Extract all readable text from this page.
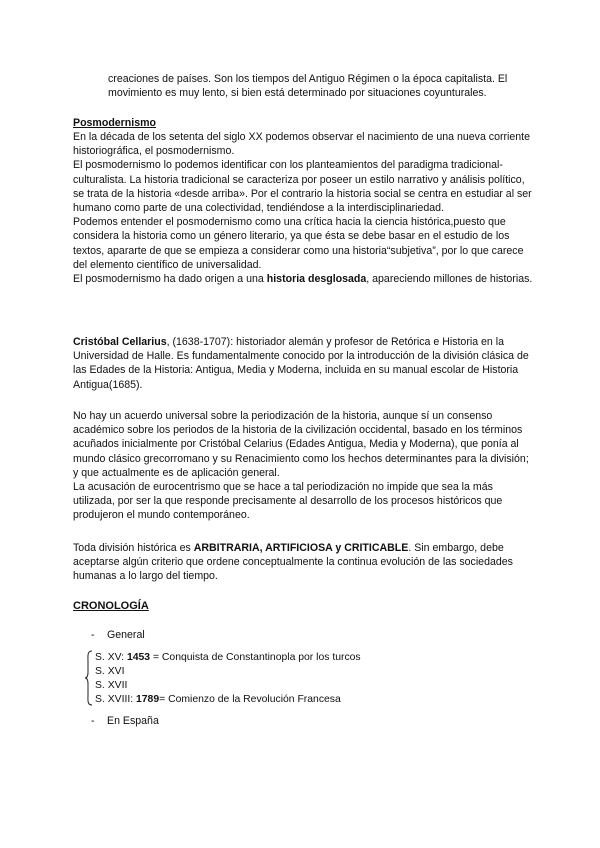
creaciones de países. Son los tiempos del Antiguo Régimen o la época capitalista. El movimiento es muy lento, si bien está determinado por situaciones coyunturales.

Posmodernismo

En la década de los setenta del siglo XX podemos observar el nacimiento de una nueva corriente historiográfica, el posmodernismo.

El posmodernismo lo podemos identificar con los planteamientos del paradigma tradicional-culturalista. La historia tradicional se caracteriza por poseer un estilo narrativo y análisis político, se trata de la historia «desde arriba». Por el contrario la historia social se centra en estudiar al ser humano como parte de una colectividad, tendiéndose a la interdisciplinariedad.

Podemos entender el posmodernismo como una crítica hacia la ciencia histórica,puesto que considera la historia como un género literario, ya que ésta se debe basar en el estudio de los textos, apararte de que se empieza a considerar como una historia“subjetiva”, por lo que carece del elemento científico de universalidad.

El posmodernismo ha dado origen a una historia desglosada, apareciendo millones de historias.

Cristóbal Cellarius, (1638-1707): historiador alemán y profesor de Retórica e Historia en la Universidad de Halle. Es fundamentalmente conocido por la introducción de la división clásica de las Edades de la Historia: Antigua, Media y Moderna, incluida en su manual escolar de Historia Antigua(1685).

No hay un acuerdo universal sobre la periodización de la historia, aunque sí un consenso académico sobre los periodos de la historia de la civilización occidental, basado en los términos acuñados inicialmente por Cristóbal Celarius (Edades Antigua, Media y Moderna), que ponía al mundo clásico grecorromano y su Renacimiento como los hechos determinantes para la división; y que actualmente es de aplicación general.

La acusación de eurocentrismo que se hace a tal periodización no impide que sea la más utilizada, por ser la que responde precisamente al desarrollo de los procesos históricos que produjeron el mundo contemporáneo.

Toda división histórica es ARBITRARIA, ARTIFICIOSA y CRITICABLE. Sin embargo, debe aceptarse algún criterio que ordene conceptualmente la continua evolución de las sociedades humanas a lo largo del tiempo.

CRONOLOGÍA

-	General
S. XV: 1453 = Conquista de Constantinopla por los turcos
S. XVI
S. XVII
S. XVIII: 1789= Comienzo de la Revolución Francesa
-	En España
